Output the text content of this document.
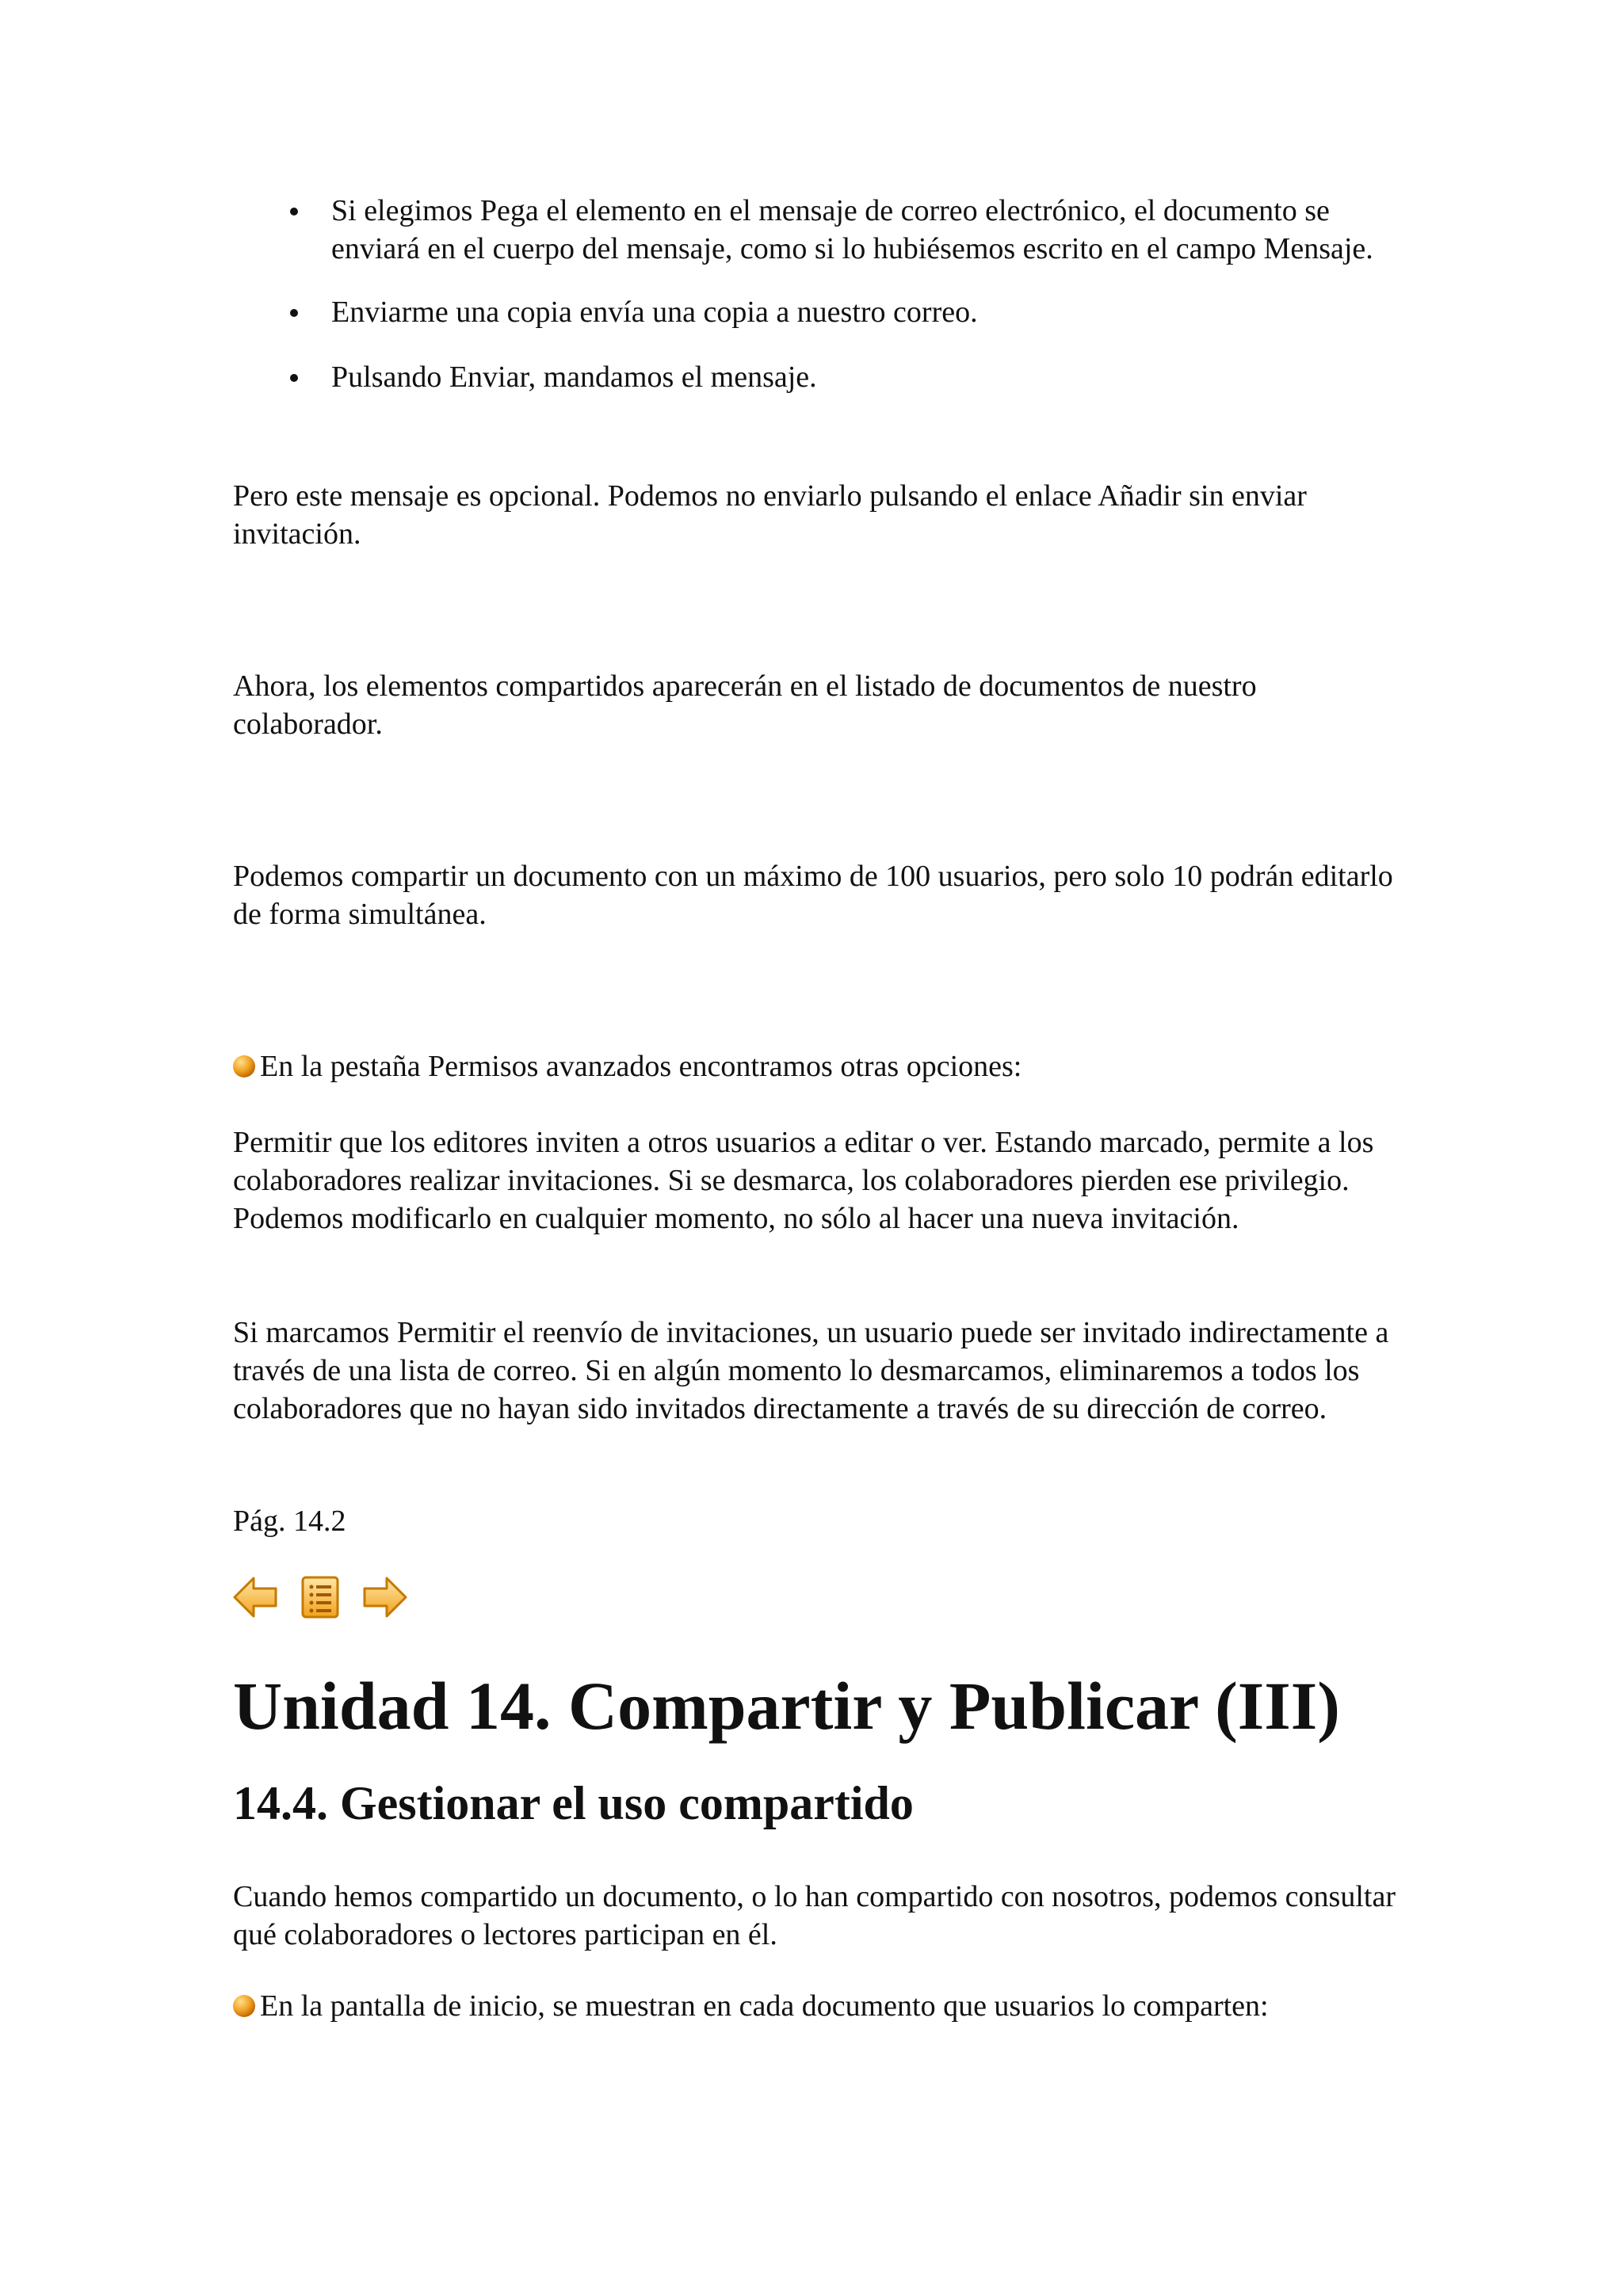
Si elegimos Pega el elemento en el mensaje de correo electrónico, el documento se enviará en el cuerpo del mensaje, como si lo hubiésemos escrito en el campo Mensaje.
Enviarme una copia envía una copia a nuestro correo.
Pulsando Enviar, mandamos el mensaje.

Pero este mensaje es opcional. Podemos no enviarlo pulsando el enlace Añadir sin enviar invitación.

Ahora, los elementos compartidos aparecerán en el listado de documentos de nuestro colaborador.

Podemos compartir un documento con un máximo de 100 usuarios, pero solo 10 podrán editarlo de forma simultánea.

En la pestaña Permisos avanzados encontramos otras opciones:

Permitir que los editores inviten a otros usuarios a editar o ver. Estando marcado, permite a los colaboradores realizar invitaciones. Si se desmarca, los colaboradores pierden ese privilegio. Podemos modificarlo en cualquier momento, no sólo al hacer una nueva invitación.

Si marcamos Permitir el reenvío de invitaciones, un usuario puede ser invitado indirectamente a través de una lista de correo. Si en algún momento lo desmarcamos, eliminaremos a todos los colaboradores que no hayan sido invitados directamente a través de su dirección de correo.

Pág. 14.2

Unidad 14. Compartir y Publicar (III)
14.4. Gestionar el uso compartido

Cuando hemos compartido un documento, o lo han compartido con nosotros, podemos consultar qué colaboradores o lectores participan en él.

En la pantalla de inicio, se muestran en cada documento que usuarios lo comparten:
